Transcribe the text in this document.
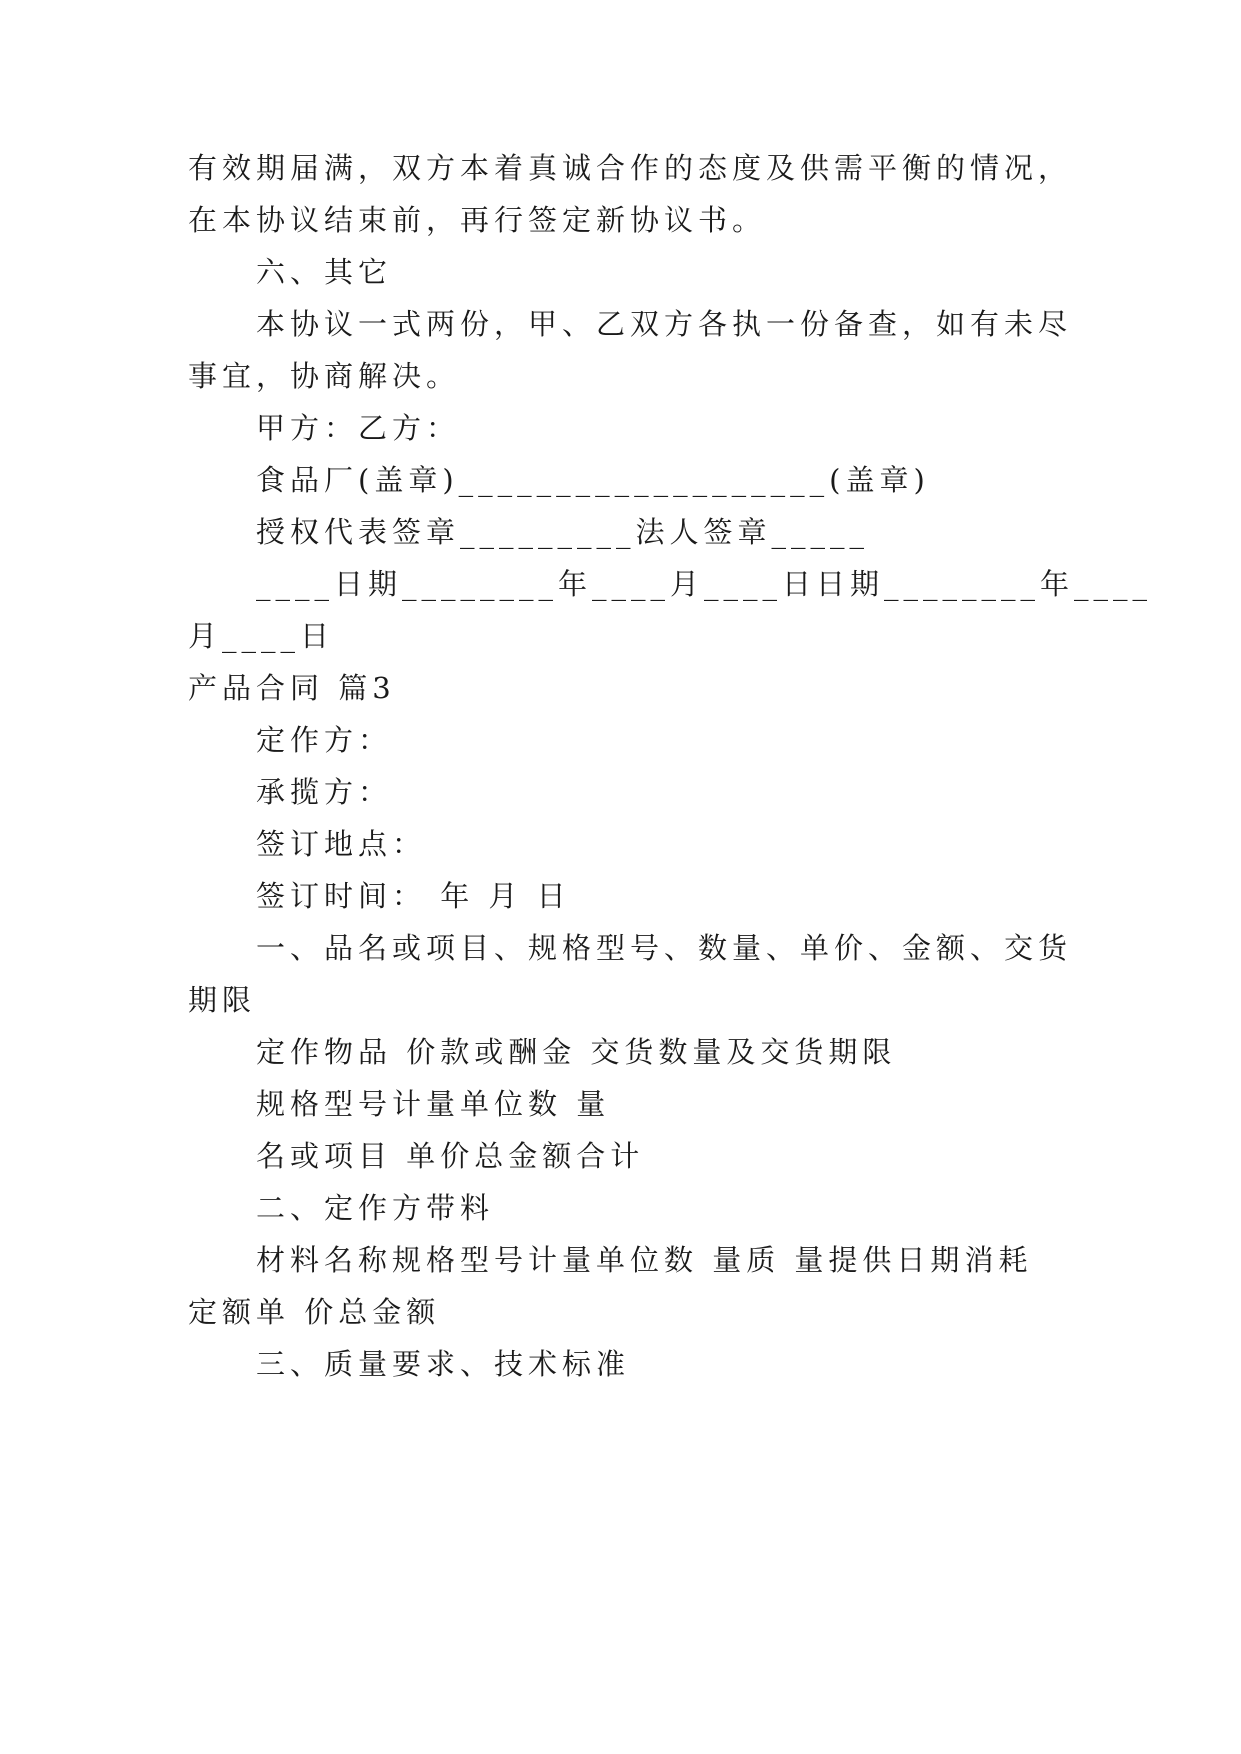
有效期届满，双方本着真诚合作的态度及供需平衡的情况，
在本协议结束前，再行签定新协议书。
六、其它
本协议一式两份，甲、乙双方各执一份备查，如有未尽
事宜，协商解决。
甲方：乙方：
食品厂(盖章)___________________(盖章)
授权代表签章_________法人签章_____
____日期________年____月____日日期________年____
月____日
产品合同 篇3
定作方：
承揽方：
签订地点：
签订时间： 年 月 日
一、品名或项目、规格型号、数量、单价、金额、交货
期限
定作物品 价款或酬金 交货数量及交货期限
规格型号计量单位数 量
名或项目 单价总金额合计
二、定作方带料
材料名称规格型号计量单位数 量质 量提供日期消耗
定额单 价总金额
三、质量要求、技术标准
